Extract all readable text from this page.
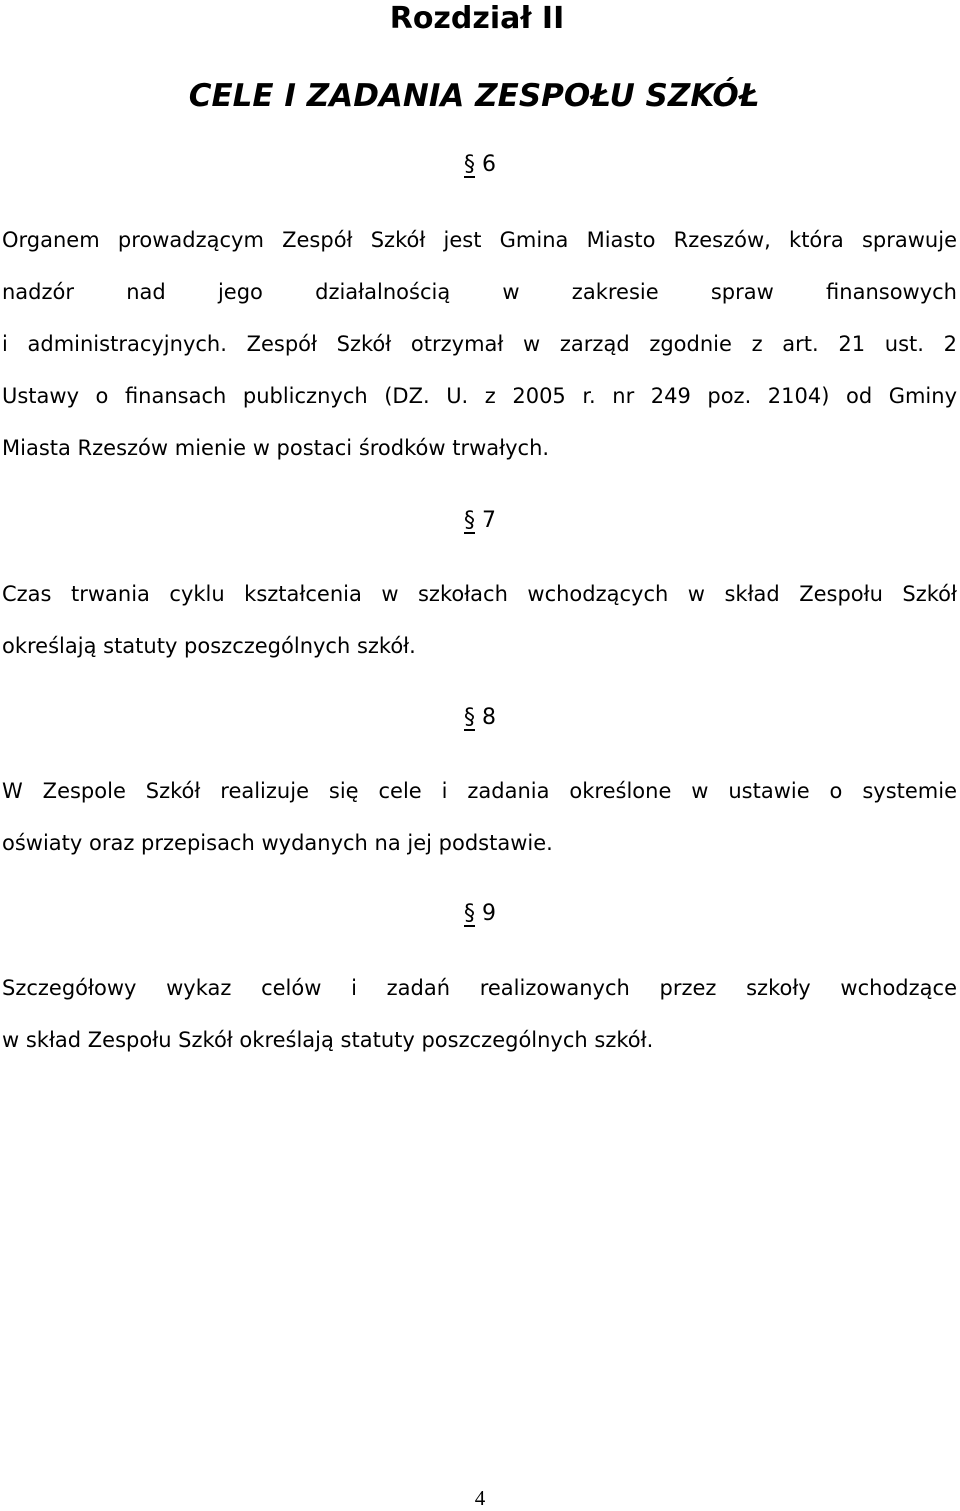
Rozdział II
CELE I ZADANIA ZESPOŁU SZKÓŁ
§ 6
Organem prowadzącym Zespół Szkół jest Gmina Miasto Rzeszów, która sprawuje
nadzór nad jego działalnością w zakresie spraw finansowych
i administracyjnych. Zespół Szkół otrzymał w zarząd zgodnie z art. 21 ust. 2
Ustawy o finansach publicznych (DZ. U. z 2005 r. nr 249 poz. 2104) od Gminy
Miasta Rzeszów mienie w postaci środków trwałych.
§ 7
Czas trwania cyklu kształcenia w szkołach wchodzących w skład Zespołu Szkół
określają statuty poszczególnych szkół.
§ 8
W Zespole Szkół realizuje się cele i zadania określone w ustawie o systemie
oświaty oraz przepisach wydanych na jej podstawie.
§ 9
Szczegółowy wykaz celów i zadań realizowanych przez szkoły wchodzące
w skład Zespołu Szkół określają statuty poszczególnych szkół.
4
